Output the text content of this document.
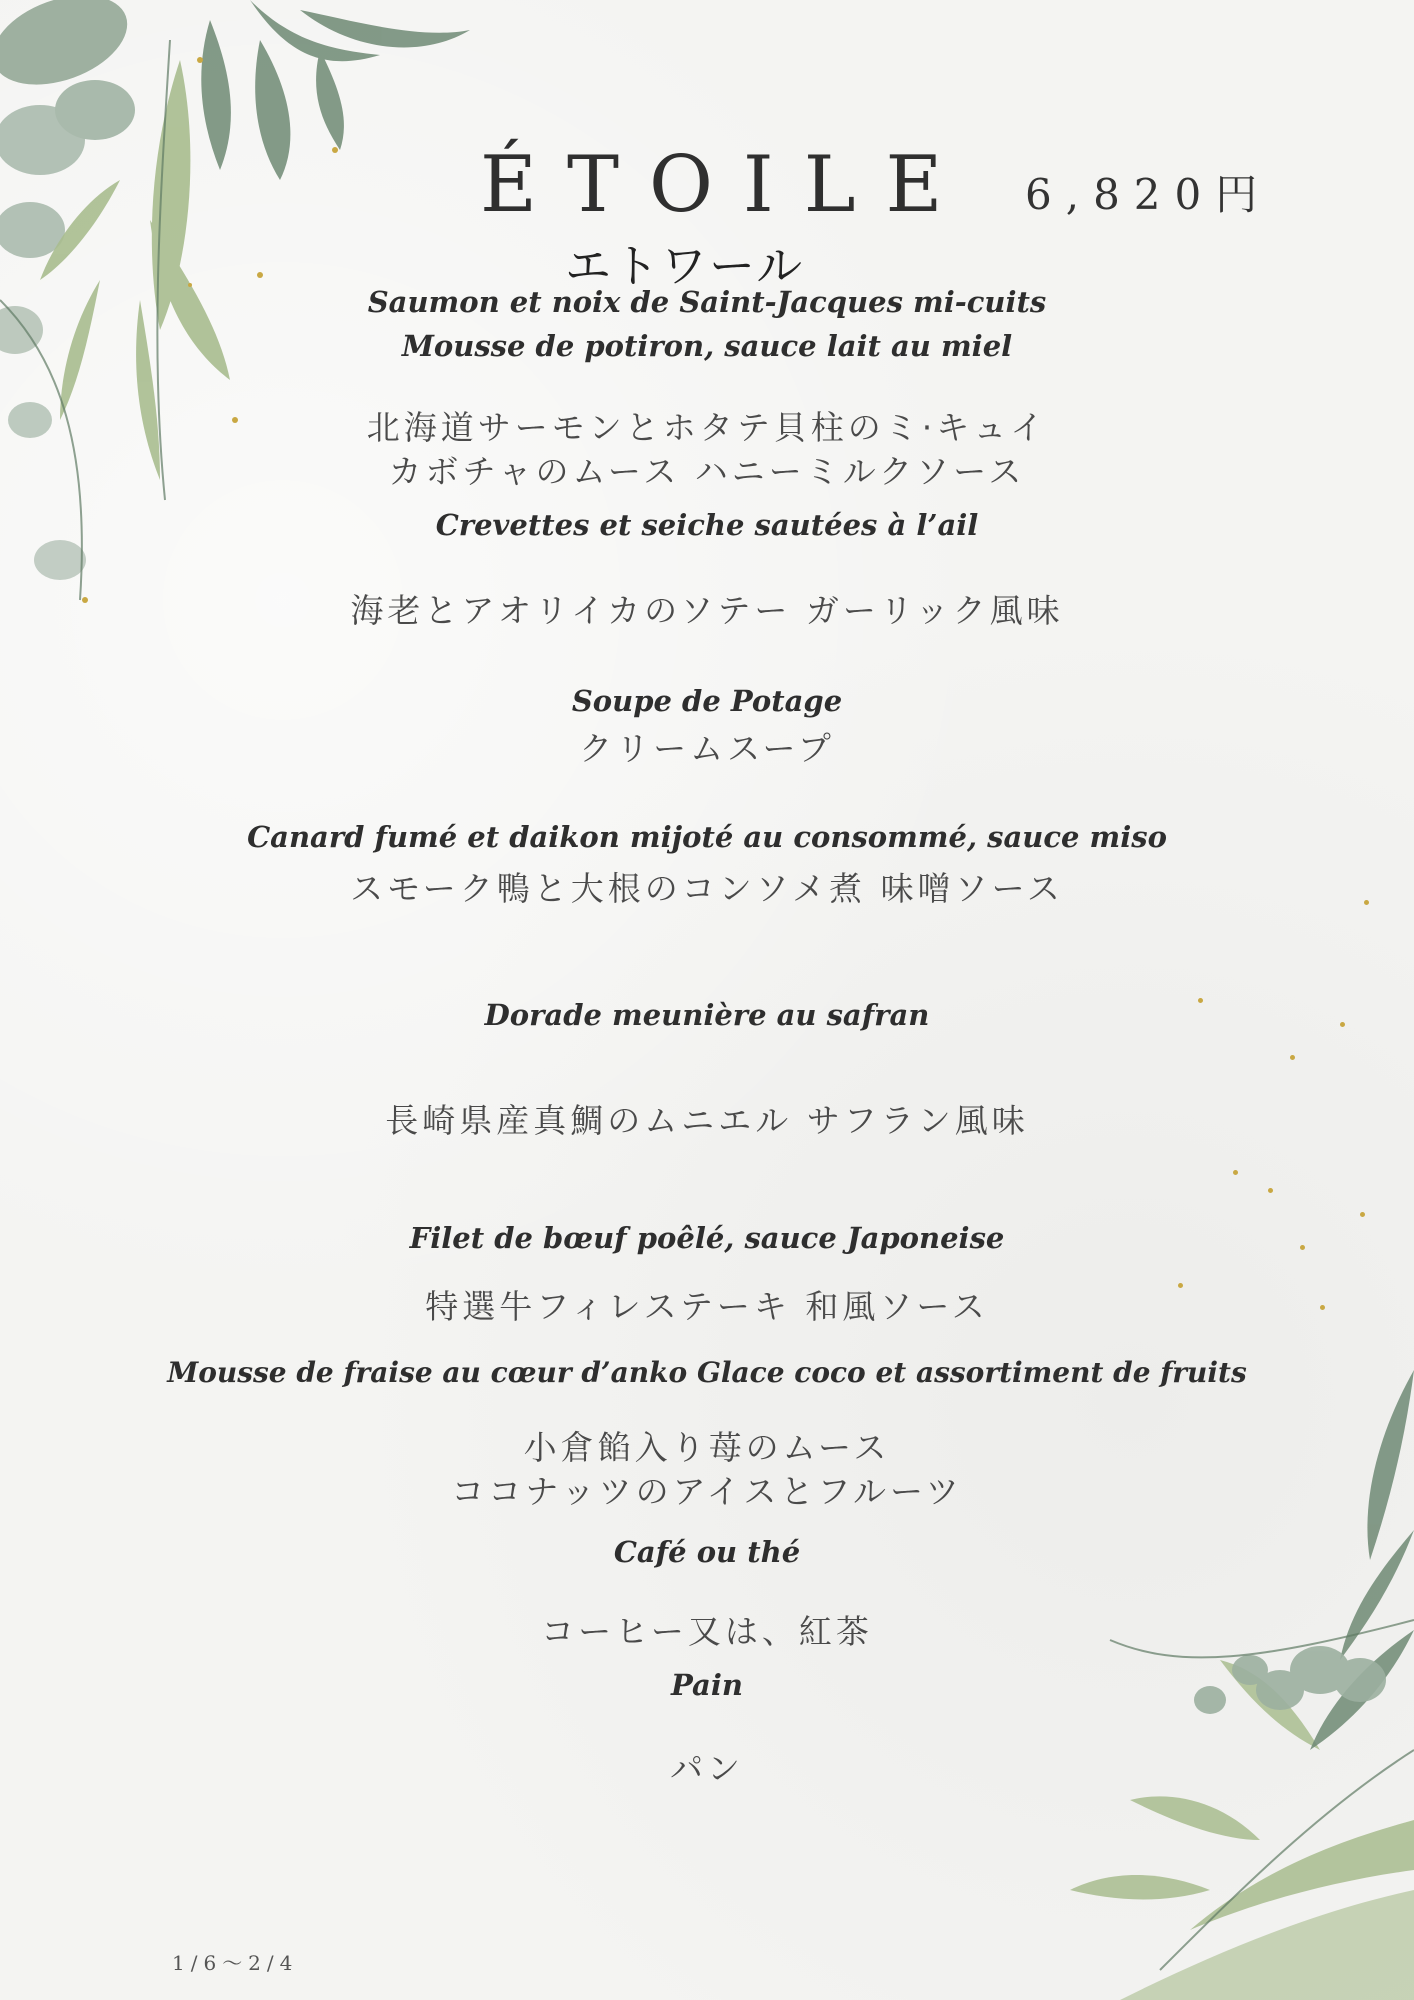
ÉTOILE 6,820円
エトワール
Saumon et noix de Saint-Jacques mi-cuits
Mousse de potiron, sauce lait au miel
北海道サーモンとホタテ貝柱のミ·キュイ
カボチャのムース ハニーミルクソース
Crevettes et seiche sautées à l’ail
海老とアオリイカのソテー ガーリック風味
Soupe de Potage
クリームスープ
Canard fumé et daikon mijoté au consommé, sauce miso
スモーク鴨と大根のコンソメ煮 味噌ソース
Dorade meunière au safran
長崎県産真鯛のムニエル サフラン風味
Filet de bœuf poêlé, sauce Japoneise
特選牛フィレステーキ 和風ソース
Mousse de fraise au cœur d’anko Glace coco et assortiment de fruits
小倉餡入り苺のムース
ココナッツのアイスとフルーツ
Café ou thé
コーヒー又は、紅茶
Pain
パン
1/6～2/4
